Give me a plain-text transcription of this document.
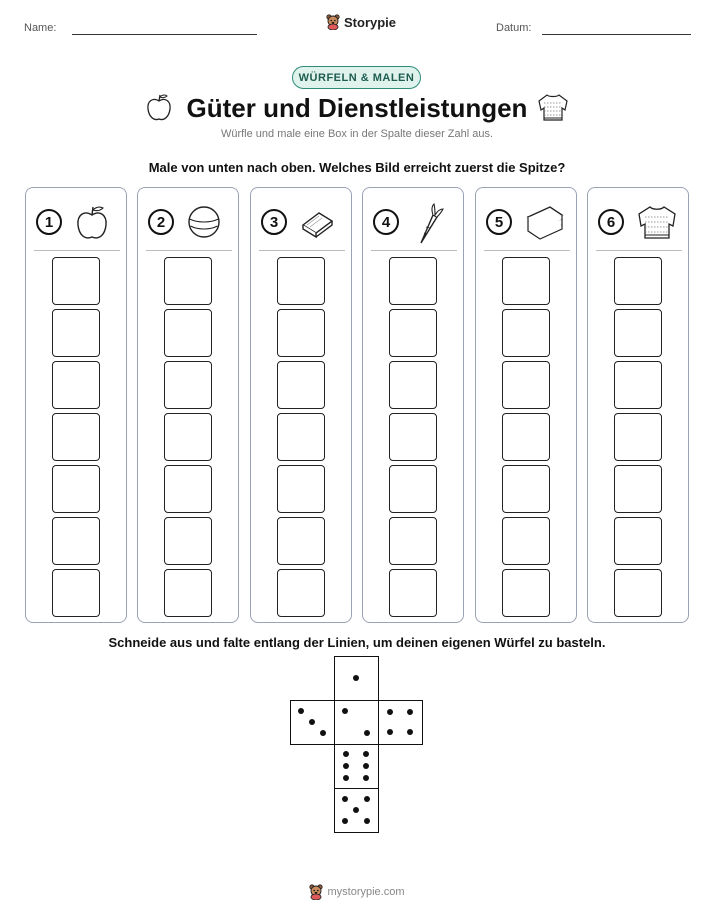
Name:	Storypie	Datum:
WÜRFELN & MALEN
Güter und Dienstleistungen
Würfle und male eine Box in der Spalte dieser Zahl aus.
Male von unten nach oben. Welches Bild erreicht zuerst die Spitze?
1	2	3	4	5	6
Schneide aus und falte entlang der Linien, um deinen eigenen Würfel zu basteln.
mystorypie.com
